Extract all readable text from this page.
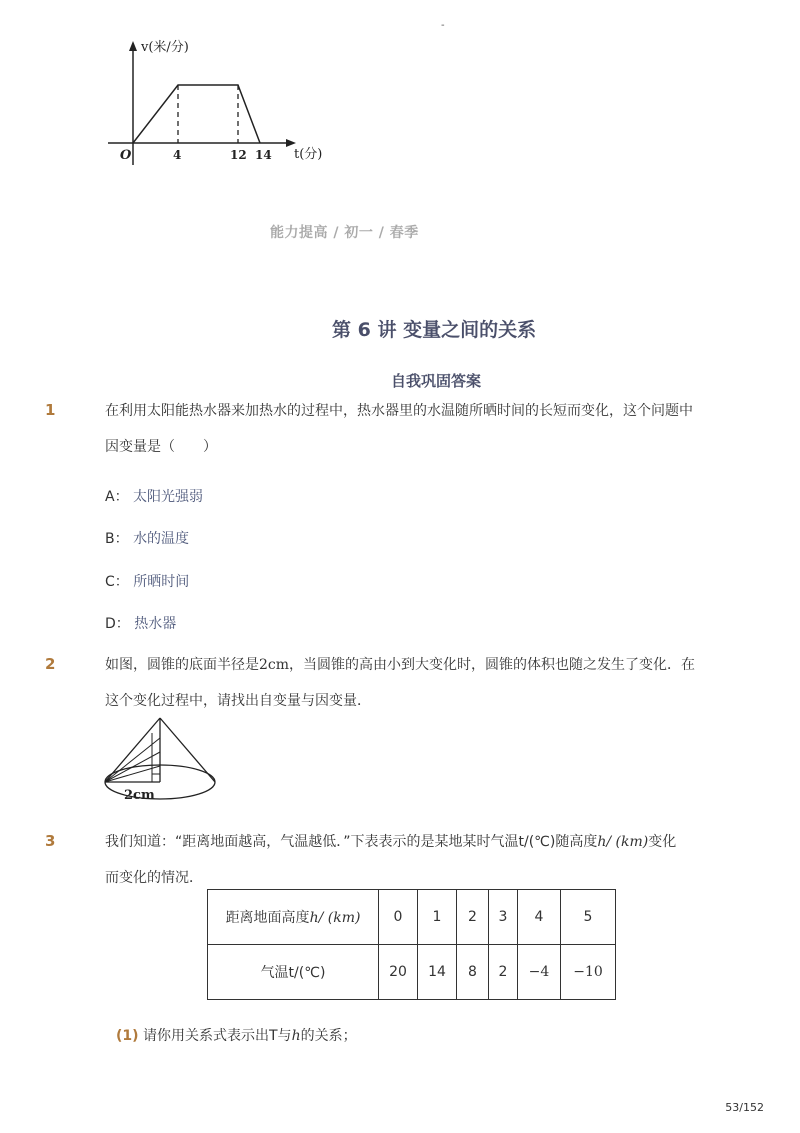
-
v(米/分)
t(分)
O	4	12 14
能力提高 / 初一 / 春季
第 6 讲 变量之间的关系
自我巩固答案
1	在利用太阳能热水器来加热水的过程中，热水器里的水温随所晒时间的长短而变化，这个问题中
因变量是（　　）
A： 太阳光强弱
B： 水的温度
C： 所晒时间
D： 热水器
2	如图，圆锥的底面半径是2cm，当圆锥的高由小到大变化时，圆锥的体积也随之发生了变化．在
这个变化过程中，请找出自变量与因变量．
2cm
3	我们知道：“距离地面越高，气温越低．”下表表示的是某地某时气温t/(℃)随高度h/ (km)变化
而变化的情况．
距离地面高度h/ (km)	0	1	2	3	4	5
气温t/(℃)	20	14	8	2	−4	−10
(1) 请你用关系式表示出T与h的关系；
53/152
